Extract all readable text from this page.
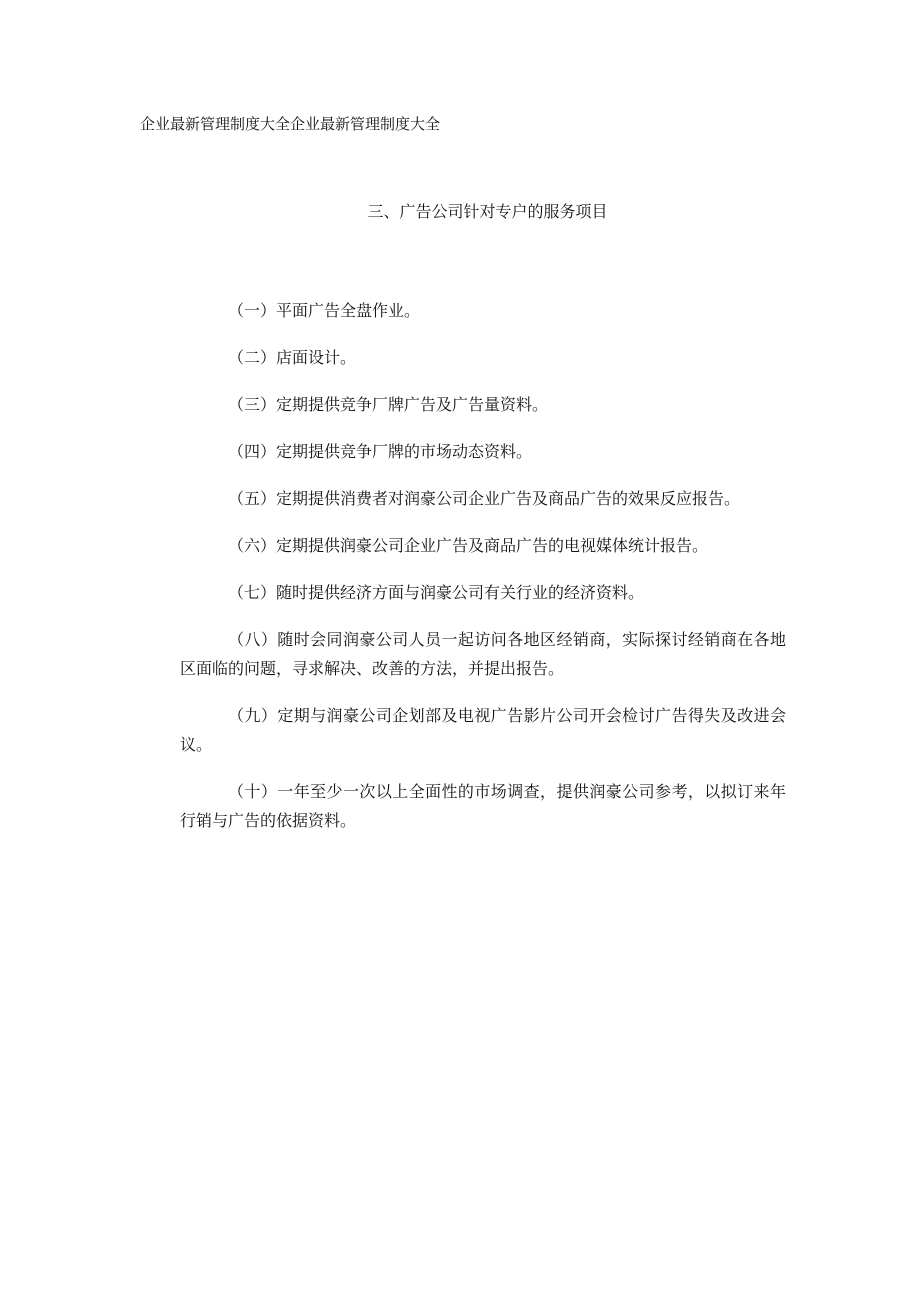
企业最新管理制度大全企业最新管理制度大全
三、广告公司针对专户的服务项目

（一）平面广告全盘作业。

（二）店面设计。

（三）定期提供竞争厂牌广告及广告量资料。

（四）定期提供竞争厂牌的市场动态资料。

（五）定期提供消费者对润豪公司企业广告及商品广告的效果反应报告。

（六）定期提供润豪公司企业广告及商品广告的电视媒体统计报告。

（七）随时提供经济方面与润豪公司有关行业的经济资料。

（八）随时会同润豪公司人员一起访问各地区经销商，实际探讨经销商在各地区面临的问题，寻求解决、改善的方法，并提出报告。

（九）定期与润豪公司企划部及电视广告影片公司开会检讨广告得失及改进会议。

（十）一年至少一次以上全面性的市场调查，提供润豪公司参考，以拟订来年行销与广告的依据资料。
